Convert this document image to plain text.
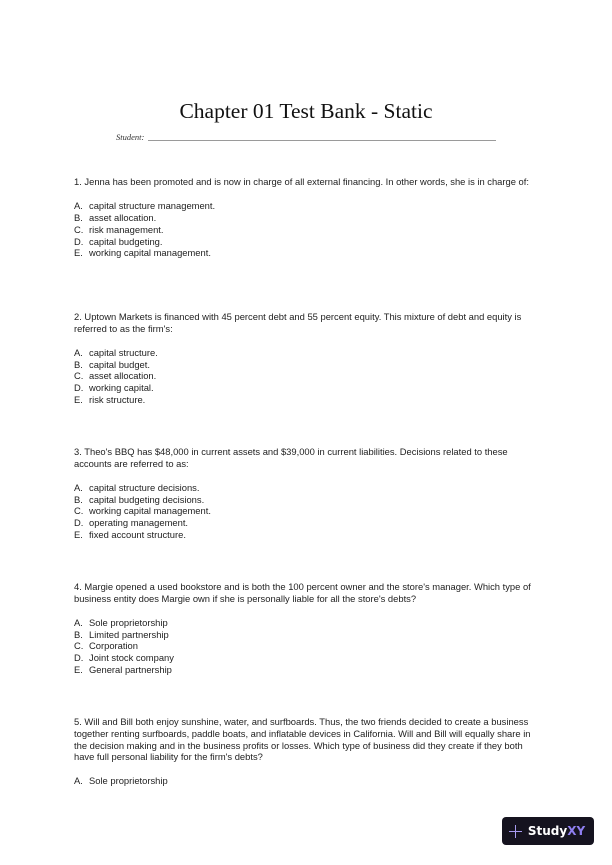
Chapter 01 Test Bank - Static
Student:

1. Jenna has been promoted and is now in charge of all external financing. In other words, she is in charge of:

A. capital structure management.
B. asset allocation.
C. risk management.
D. capital budgeting.
E. working capital management.

2. Uptown Markets is financed with 45 percent debt and 55 percent equity. This mixture of debt and equity is referred to as the firm's:

A. capital structure.
B. capital budget.
C. asset allocation.
D. working capital.
E. risk structure.

3. Theo's BBQ has $48,000 in current assets and $39,000 in current liabilities. Decisions related to these accounts are referred to as:

A. capital structure decisions.
B. capital budgeting decisions.
C. working capital management.
D. operating management.
E. fixed account structure.

4. Margie opened a used bookstore and is both the 100 percent owner and the store's manager. Which type of business entity does Margie own if she is personally liable for all the store's debts?

A. Sole proprietorship
B. Limited partnership
C. Corporation
D. Joint stock company
E. General partnership

5. Will and Bill both enjoy sunshine, water, and surfboards. Thus, the two friends decided to create a business together renting surfboards, paddle boats, and inflatable devices in California. Will and Bill will equally share in the decision making and in the business profits or losses. Which type of business did they create if they both have full personal liability for the firm's debts?

A. Sole proprietorship
Study XY
